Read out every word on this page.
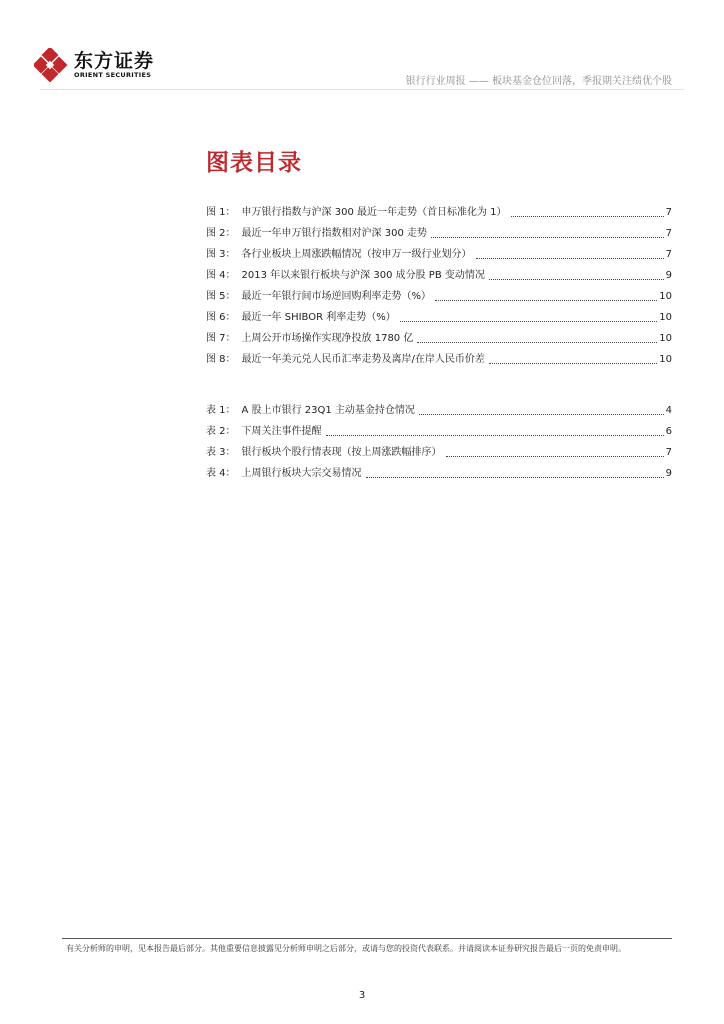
东方证券
ORIENT SECURITIES
银行行业周报 —— 板块基金仓位回落，季报期关注绩优个股
图表目录
图 1： 申万银行指数与沪深 300 最近一年走势（首日标准化为 1）	7
图 2： 最近一年申万银行指数相对沪深 300 走势	7
图 3： 各行业板块上周涨跌幅情况（按申万一级行业划分）	7
图 4： 2013 年以来银行板块与沪深 300 成分股 PB 变动情况	9
图 5： 最近一年银行间市场逆回购利率走势（%）	10
图 6： 最近一年 SHIBOR 利率走势（%）	10
图 7： 上周公开市场操作实现净投放 1780 亿	10
图 8： 最近一年美元兑人民币汇率走势及离岸/在岸人民币价差	10
表 1： A 股上市银行 23Q1 主动基金持仓情况	4
表 2： 下周关注事件提醒	6
表 3： 银行板块个股行情表现（按上周涨跌幅排序）	7
表 4： 上周银行板块大宗交易情况	9
有关分析师的申明，见本报告最后部分。其他重要信息披露见分析师申明之后部分，或请与您的投资代表联系。并请阅读本证券研究报告最后一页的免责申明。
3
